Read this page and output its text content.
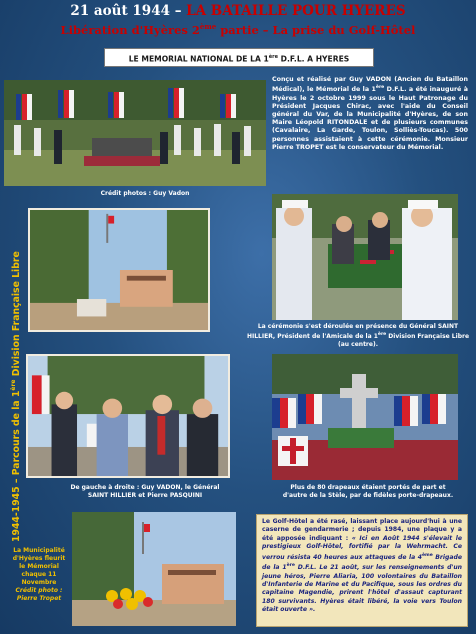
21 août 1944 – LA BATAILLE POUR HYERES
Libération d'Hyères 2ème partie – La prise du Golf-Hôtel
LE MEMORIAL NATIONAL DE LA 1ère D.F.L. A HYERES
Crédit photos : Guy Vadon
Conçu et réalisé par Guy VADON (Ancien du Bataillon Médical), le Mémorial de la 1ère D.F.L. a été inauguré à Hyères le 2 octobre 1999 sous le Haut Patronage du Président Jacques Chirac, avec l'aide du Conseil général du Var, de la Municipalité d'Hyères, de son Maire Léopold RITONDALE et de plusieurs communes (Cavalaire, La Garde, Toulon, Solliès-Toucas). 500 personnes assistaient à cette cérémonie. Monsieur Pierre TROPET est le conservateur du Mémorial.
La cérémonie s'est déroulée en présence du Général SAINT HILLIER, Président de l'Amicale de la 1ère Division Française Libre (au centre).
De gauche à droite : Guy VADON, le Général SAINT HILLIER et Pierre PASQUINI
Plus de 80 drapeaux étaient portés de part et d'autre de la Stèle, par de fidèles porte-drapeaux.
La Municipalité d'Hyères fleurit le Mémorial chaque 11 Novembre
Crédit photo : Pierre Tropet
1944-1945 – Parcours de la 1ère Division Française Libre
Le Golf-Hôtel a été rasé, laissant place aujourd'hui à une caserne de gendarmerie ; depuis 1984, une plaque y a été apposée indiquant : « Ici en Août 1944 s'élevait le prestigieux Golf-Hôtel, fortifié par la Wehrmacht. Ce verrou résista 40 heures aux attaques de la 4ème Brigade de la 1ère D.F.L. Le 21 août, sur les renseignements d'un jeune héros, Pierre Aliaria, 100 volontaires du Bataillon d'Infanterie de Marine et du Pacifique, sous les ordres du capitaine Magendie, prirent l'hôtel d'assaut capturant 180 survivants. Hyères était libéré, la voie vers Toulon était ouverte ».
